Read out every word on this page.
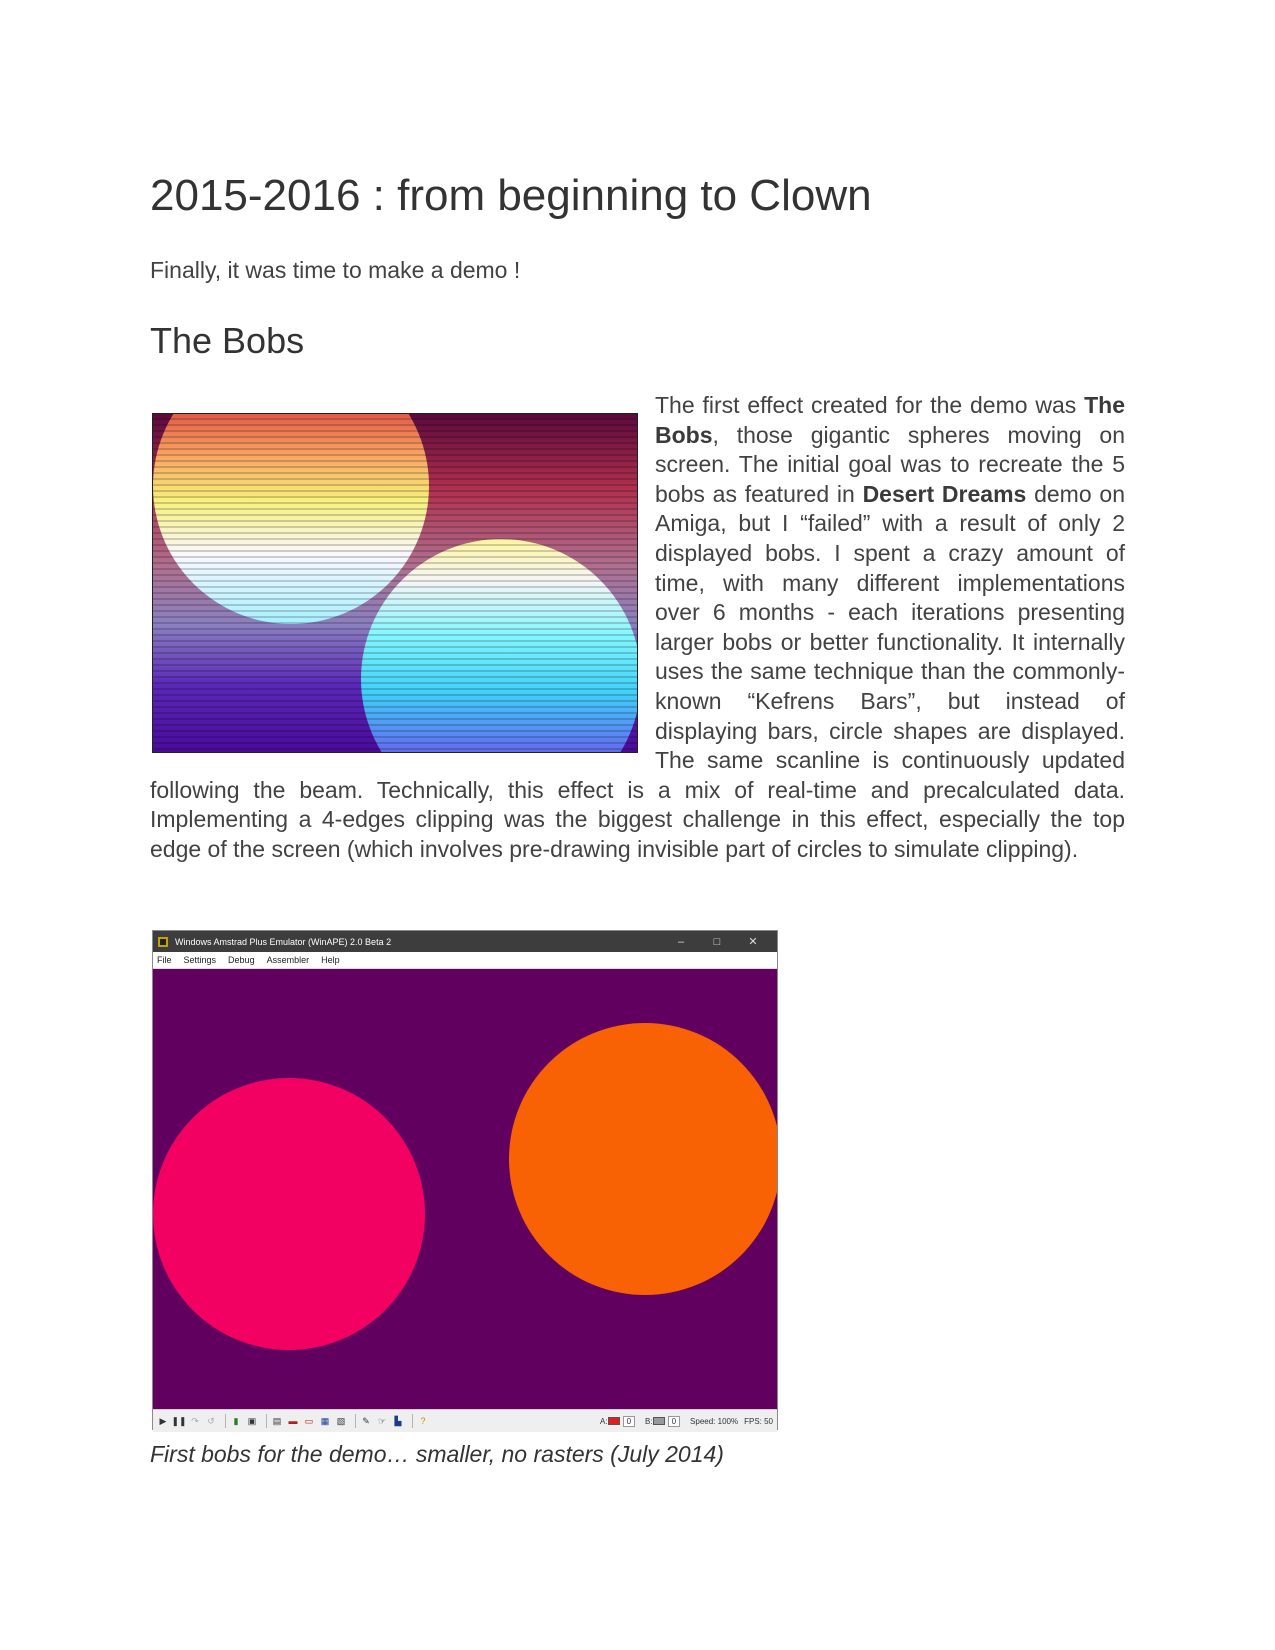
2015-2016 : from beginning to Clown

Finally, it was time to make a demo !

The Bobs

The first effect created for the demo was The Bobs, those gigantic spheres moving on screen. The initial goal was to recreate the 5 bobs as featured in Desert Dreams demo on Amiga, but I “failed” with a result of only 2 displayed bobs. I spent a crazy amount of time, with many different implementations over 6 months - each iterations presenting larger bobs or better functionality. It internally uses the same technique than the commonly-known “Kefrens Bars”, but instead of displaying bars, circle shapes are displayed. The same scanline is continuously updated following the beam. Technically, this effect is a mix of real-time and precalculated data. Implementing a 4-edges clipping was the biggest challenge in this effect, especially the top edge of the screen (which involves pre-drawing invisible part of circles to simulate clipping).

Windows Amstrad Plus Emulator (WinAPE) 2.0 Beta 2	–	□	✕
File Settings Debug Assembler Help
▶ ❚❚ ↷ ↺	▮	▣ ▤ ▬ ▭ ▦ ▧ ✎ ☞ ▙	?	A:	0	B:	0	Speed: 100% FPS: 50

First bobs for the demo… smaller, no rasters (July 2014)
